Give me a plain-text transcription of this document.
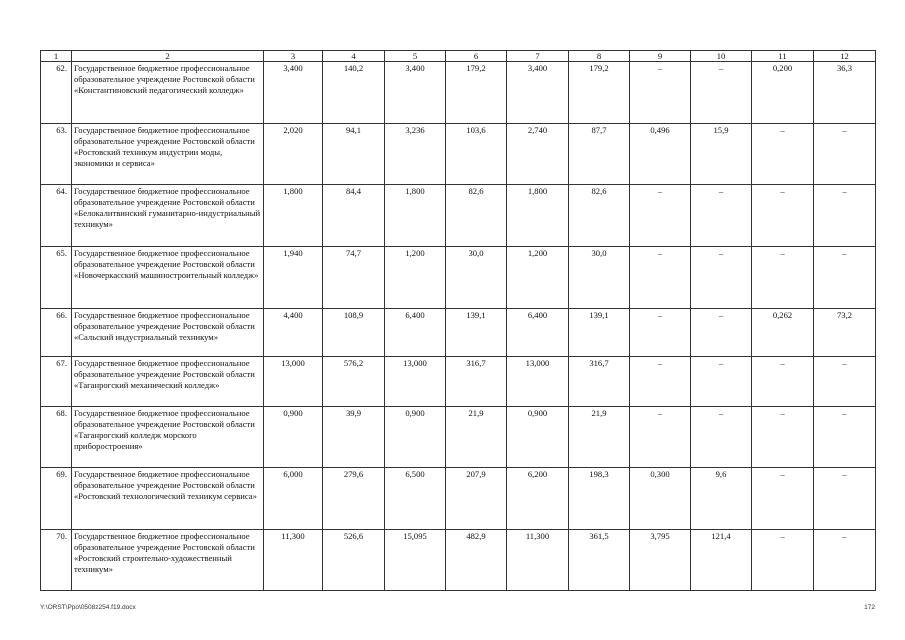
1	2	3	4	5	6	7	8	9	10	11	12
62.	Государственное бюджетное профессиональное образовательное учреждение Ростовской области «Константиновский педагогический колледж»	3,400	140,2	3,400	179,2	3,400	179,2	–	–	0,200	36,3
63.	Государственное бюджетное профессиональное образовательное учреждение Ростовской области «Ростовский техникум индустрии моды, экономики и сервиса»	2,020	94,1	3,236	103,6	2,740	87,7	0,496	15,9	–	–
64.	Государственное бюджетное профессиональное образовательное учреждение Ростовской области «Белокалитвинский гуманитарно-индустриальный техникум»	1,800	84,4	1,800	82,6	1,800	82,6	–	–	–	–
65.	Государственное бюджетное профессиональное образовательное учреждение Ростовской области «Новочеркасский машиностроительный колледж»	1,940	74,7	1,200	30,0	1,200	30,0	–	–	–	–
66.	Государственное бюджетное профессиональное образовательное учреждение Ростовской области «Сальский индустриальный техникум»	4,400	108,9	6,400	139,1	6,400	139,1	–	–	0,262	73,2
67.	Государственное бюджетное профессиональное образовательное учреждение Ростовской области «Таганрогский механический колледж»	13,000	576,2	13,000	316,7	13,000	316,7	–	–	–	–
68.	Государственное бюджетное профессиональное образовательное учреждение Ростовской области «Таганрогский колледж морского приборостроения»	0,900	39,9	0,900	21,9	0,900	21,9	–	–	–	–
69.	Государственное бюджетное профессиональное образовательное учреждение Ростовской области «Ростовский технологический техникум сервиса»	6,000	279,6	6,500	207,9	6,200	198,3	0,300	9,6	–	–
70.	Государственное бюджетное профессиональное образовательное учреждение Ростовской области «Ростовский строительно-художественный техникум»	11,300	526,6	15,095	482,9	11,300	361,5	3,795	121,4	–	–
Y:\ORST\Ppo\0508z254.f19.docx	172
